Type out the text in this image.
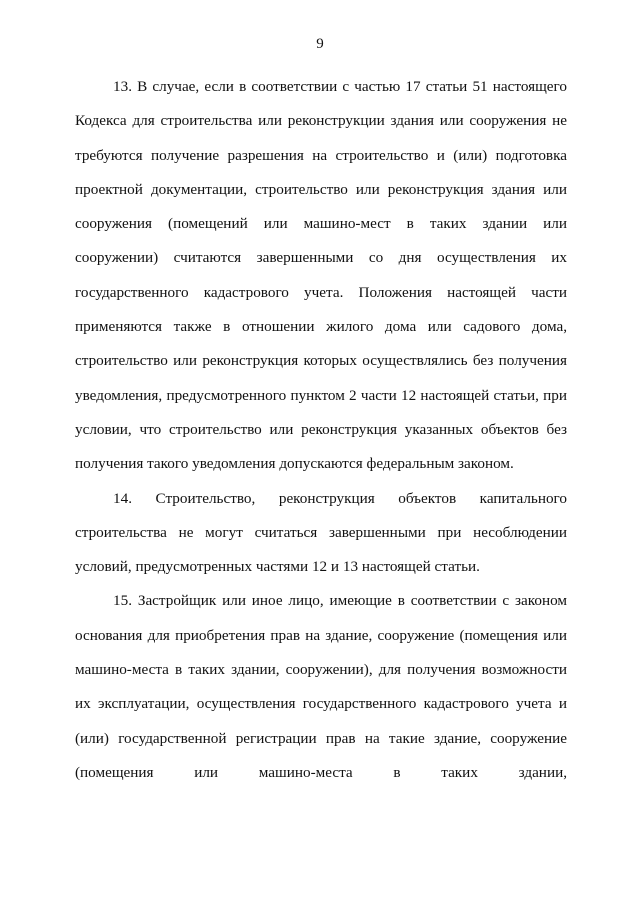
9

13. В случае, если в соответствии с частью 17 статьи 51 настоящего
Кодекса для строительства или реконструкции здания или сооружения не
требуются получение разрешения на строительство и (или) подготовка
проектной документации, строительство или реконструкция здания или
сооружения (помещений или машино-мест в таких здании или
сооружении) считаются завершенными со дня осуществления их
государственного кадастрового учета. Положения настоящей части
применяются также в отношении жилого дома или садового дома,
строительство или реконструкция которых осуществлялись без получения
уведомления, предусмотренного пунктом 2 части 12 настоящей статьи, при
условии, что строительство или реконструкция указанных объектов без
получения такого уведомления допускаются федеральным законом.

14. Строительство, реконструкция объектов капитального
строительства не могут считаться завершенными при несоблюдении
условий, предусмотренных частями 12 и 13 настоящей статьи.

15. Застройщик или иное лицо, имеющие в соответствии с законом
основания для приобретения прав на здание, сооружение (помещения или
машино-места в таких здании, сооружении), для получения возможности
их эксплуатации, осуществления государственного кадастрового учета и
(или) государственной регистрации прав на такие здание, сооружение
(помещения или машино-места в таких здании,
